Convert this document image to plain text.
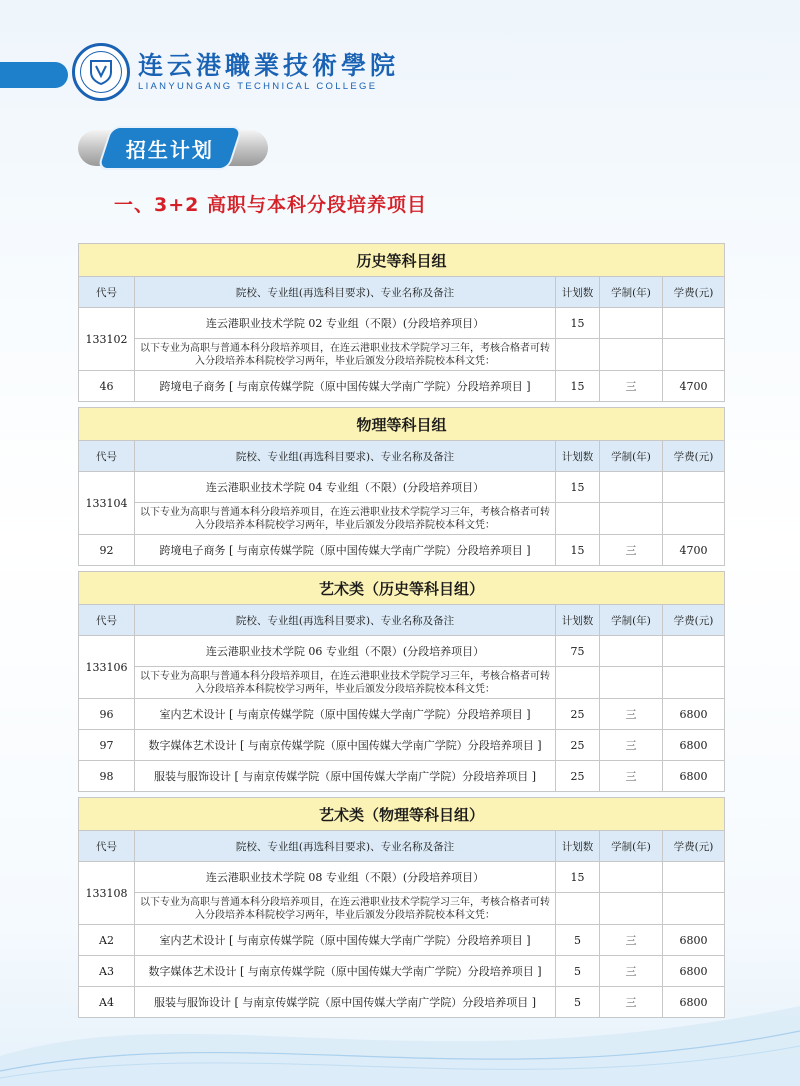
连云港職業技術學院
LIANYUNGANG TECHNICAL COLLEGE
招生计划
一、3+2 高职与本科分段培养项目
历史等科目组				
代号	院校、专业组(再选科目要求)、专业名称及备注	计划数	学制(年)	学费(元)
133102	连云港职业技术学院 02 专业组（不限）(分段培养项目）	15		
	以下专业为高职与普通本科分段培养项目，在连云港职业技术学院学习三年，考核合格者可转入分段培养本科院校学习两年，毕业后颁发分段培养院校本科文凭：			
46	跨境电子商务 [ 与南京传媒学院（原中国传媒大学南广学院）分段培养项目 ]	15	三	4700

物理等科目组				
代号	院校、专业组(再选科目要求)、专业名称及备注	计划数	学制(年)	学费(元)
133104	连云港职业技术学院 04 专业组（不限）(分段培养项目）	15		
	以下专业为高职与普通本科分段培养项目，在连云港职业技术学院学习三年，考核合格者可转入分段培养本科院校学习两年，毕业后颁发分段培养院校本科文凭：			
92	跨境电子商务 [ 与南京传媒学院（原中国传媒大学南广学院）分段培养项目 ]	15	三	4700

艺术类（历史等科目组）				
代号	院校、专业组(再选科目要求)、专业名称及备注	计划数	学制(年)	学费(元)
133106	连云港职业技术学院 06 专业组（不限）(分段培养项目）	75		
	以下专业为高职与普通本科分段培养项目，在连云港职业技术学院学习三年，考核合格者可转入分段培养本科院校学习两年，毕业后颁发分段培养院校本科文凭：			
96	室内艺术设计 [ 与南京传媒学院（原中国传媒大学南广学院）分段培养项目 ]	25	三	6800
97	数字媒体艺术设计 [ 与南京传媒学院（原中国传媒大学南广学院）分段培养项目 ]	25	三	6800
98	服装与服饰设计 [ 与南京传媒学院（原中国传媒大学南广学院）分段培养项目 ]	25	三	6800

艺术类（物理等科目组）				
代号	院校、专业组(再选科目要求)、专业名称及备注	计划数	学制(年)	学费(元)
133108	连云港职业技术学院 08 专业组（不限）(分段培养项目）	15		
	以下专业为高职与普通本科分段培养项目，在连云港职业技术学院学习三年，考核合格者可转入分段培养本科院校学习两年，毕业后颁发分段培养院校本科文凭：			
A2	室内艺术设计 [ 与南京传媒学院（原中国传媒大学南广学院）分段培养项目 ]	5	三	6800
A3	数字媒体艺术设计 [ 与南京传媒学院（原中国传媒大学南广学院）分段培养项目 ]	5	三	6800
A4	服装与服饰设计 [ 与南京传媒学院（原中国传媒大学南广学院）分段培养项目 ]	5	三	6800
